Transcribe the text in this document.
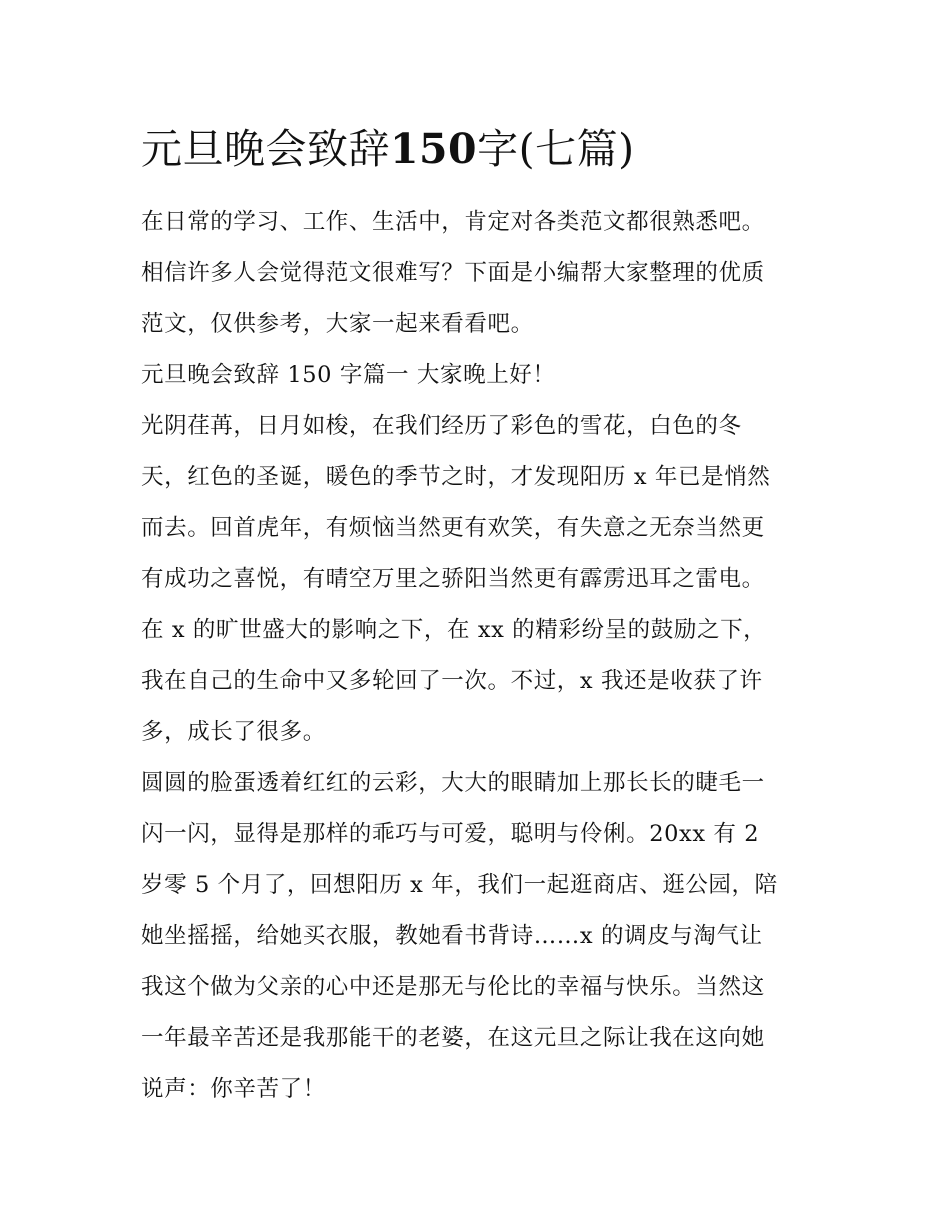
元旦晚会致辞150字(七篇)

在日常的学习、工作、生活中，肯定对各类范文都很熟悉吧。
相信许多人会觉得范文很难写？下面是小编帮大家整理的优质
范文，仅供参考，大家一起来看看吧。

元旦晚会致辞 150 字篇一 大家晚上好！

光阴荏苒，日月如梭，在我们经历了彩色的雪花，白色的冬
天，红色的圣诞，暖色的季节之时，才发现阳历 x 年已是悄然
而去。回首虎年，有烦恼当然更有欢笑，有失意之无奈当然更
有成功之喜悦，有晴空万里之骄阳当然更有霹雳迅耳之雷电。
在 x 的旷世盛大的影响之下，在 xx 的精彩纷呈的鼓励之下，
我在自己的生命中又多轮回了一次。不过，x 我还是收获了许
多，成长了很多。

圆圆的脸蛋透着红红的云彩，大大的眼睛加上那长长的睫毛一
闪一闪，显得是那样的乖巧与可爱，聪明与伶俐。20xx 有 2
岁零 5 个月了，回想阳历 x 年，我们一起逛商店、逛公园，陪
她坐摇摇，给她买衣服，教她看书背诗……x 的调皮与淘气让
我这个做为父亲的心中还是那无与伦比的幸福与快乐。当然这
一年最辛苦还是我那能干的老婆，在这元旦之际让我在这向她
说声：你辛苦了！
